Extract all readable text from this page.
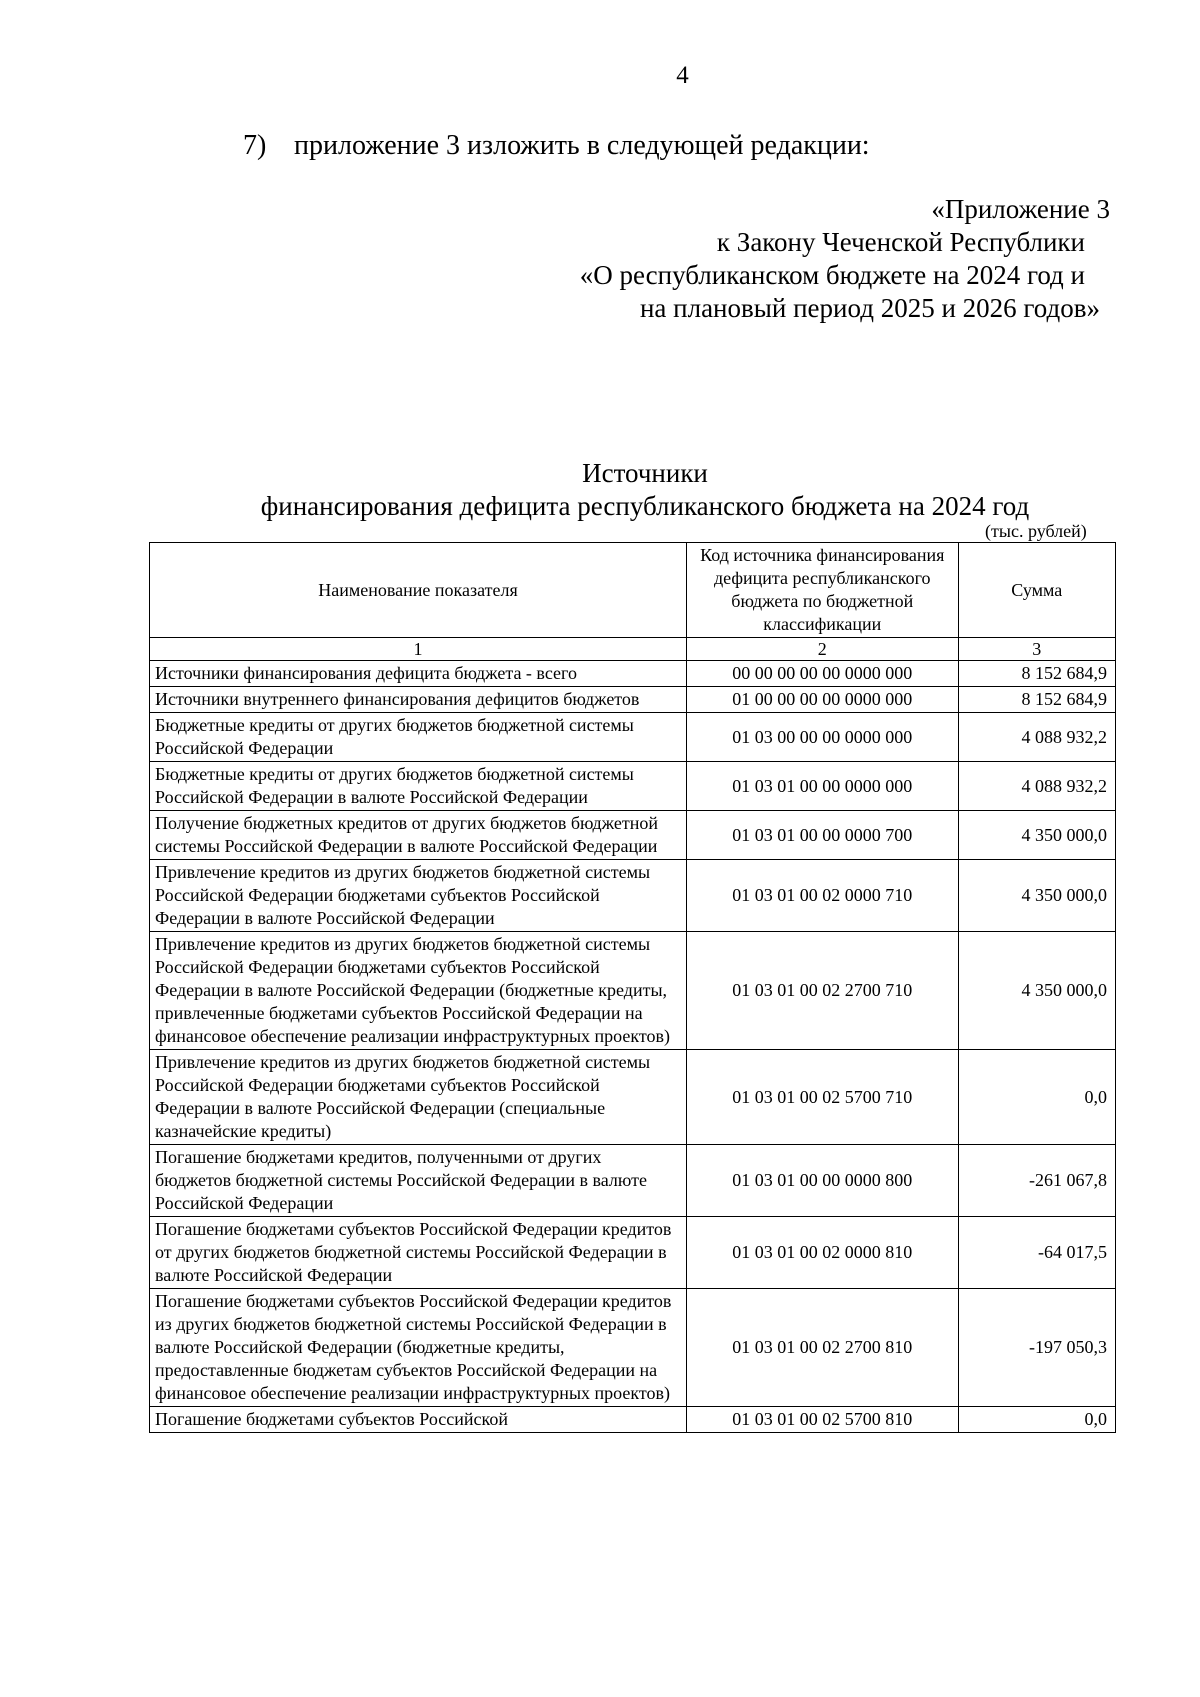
4
7) приложение 3 изложить в следующей редакции:
«Приложение 3
к Закону Чеченской Республики
«О республиканском бюджете на 2024 год и
на плановый период 2025 и 2026 годов»
Источники
финансирования дефицита республиканского бюджета на 2024 год
(тыс. рублей)
Наименование показателя	Код источника финансирования дефицита республиканского бюджета по бюджетной классификации	Сумма
1	2	3
Источники финансирования дефицита бюджета - всего	00 00 00 00 00 0000 000	8 152 684,9
Источники внутреннего финансирования дефицитов бюджетов	01 00 00 00 00 0000 000	8 152 684,9
Бюджетные кредиты от других бюджетов бюджетной системы Российской Федерации	01 03 00 00 00 0000 000	4 088 932,2
Бюджетные кредиты от других бюджетов бюджетной системы Российской Федерации в валюте Российской Федерации	01 03 01 00 00 0000 000	4 088 932,2
Получение бюджетных кредитов от других бюджетов бюджетной системы Российской Федерации в валюте Российской Федерации	01 03 01 00 00 0000 700	4 350 000,0
Привлечение кредитов из других бюджетов бюджетной системы Российской Федерации бюджетами субъектов Российской Федерации в валюте Российской Федерации	01 03 01 00 02 0000 710	4 350 000,0
Привлечение кредитов из других бюджетов бюджетной системы Российской Федерации бюджетами субъектов Российской Федерации в валюте Российской Федерации (бюджетные кредиты, привлеченные бюджетами субъектов Российской Федерации на финансовое обеспечение реализации инфраструктурных проектов)	01 03 01 00 02 2700 710	4 350 000,0
Привлечение кредитов из других бюджетов бюджетной системы Российской Федерации бюджетами субъектов Российской Федерации в валюте Российской Федерации (специальные казначейские кредиты)	01 03 01 00 02 5700 710	0,0
Погашение бюджетами кредитов, полученными от других бюджетов бюджетной системы Российской Федерации в валюте Российской Федерации	01 03 01 00 00 0000 800	-261 067,8
Погашение бюджетами субъектов Российской Федерации кредитов от других бюджетов бюджетной системы Российской Федерации в валюте Российской Федерации	01 03 01 00 02 0000 810	-64 017,5
Погашение бюджетами субъектов Российской Федерации кредитов из других бюджетов бюджетной системы Российской Федерации в валюте Российской Федерации (бюджетные кредиты, предоставленные бюджетам субъектов Российской Федерации на финансовое обеспечение реализации инфраструктурных проектов)	01 03 01 00 02 2700 810	-197 050,3
Погашение бюджетами субъектов Российской	01 03 01 00 02 5700 810	0,0
